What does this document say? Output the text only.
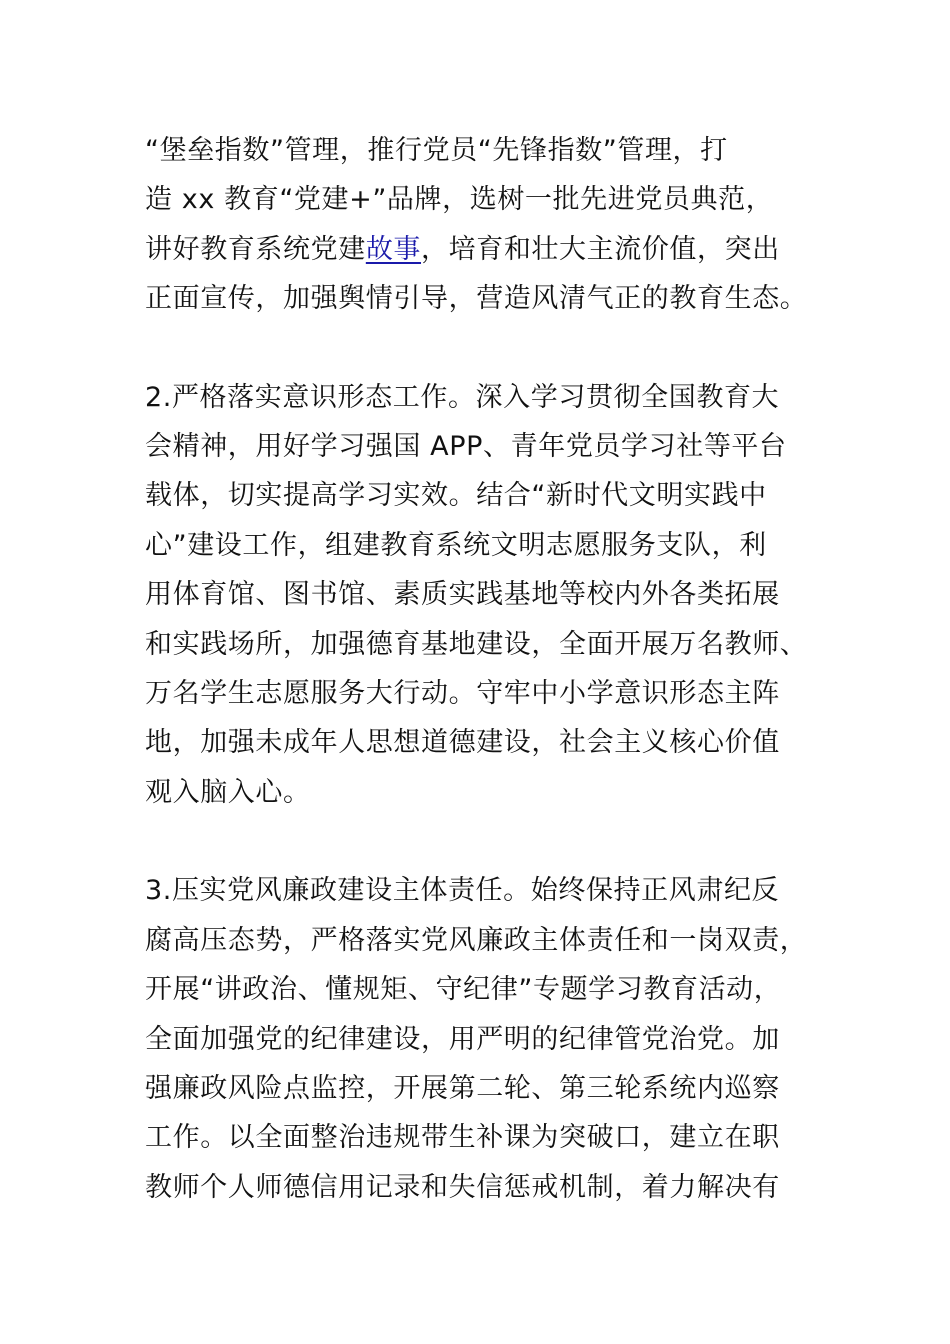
“堡垒指数”管理，推行党员“先锋指数”管理，打
造 xx 教育“党建+”品牌，选树一批先进党员典范，
讲好教育系统党建故事，培育和壮大主流价值，突出
正面宣传，加强舆情引导，营造风清气正的教育生态。

2.严格落实意识形态工作。深入学习贯彻全国教育大
会精神，用好学习强国 APP、青年党员学习社等平台
载体，切实提高学习实效。结合“新时代文明实践中
心”建设工作，组建教育系统文明志愿服务支队，利
用体育馆、图书馆、素质实践基地等校内外各类拓展
和实践场所，加强德育基地建设，全面开展万名教师、
万名学生志愿服务大行动。守牢中小学意识形态主阵
地，加强未成年人思想道德建设，社会主义核心价值
观入脑入心。

3.压实党风廉政建设主体责任。始终保持正风肃纪反
腐高压态势，严格落实党风廉政主体责任和一岗双责，
开展“讲政治、懂规矩、守纪律”专题学习教育活动，
全面加强党的纪律建设，用严明的纪律管党治党。加
强廉政风险点监控，开展第二轮、第三轮系统内巡察
工作。以全面整治违规带生补课为突破口，建立在职
教师个人师德信用记录和失信惩戒机制，着力解决有
